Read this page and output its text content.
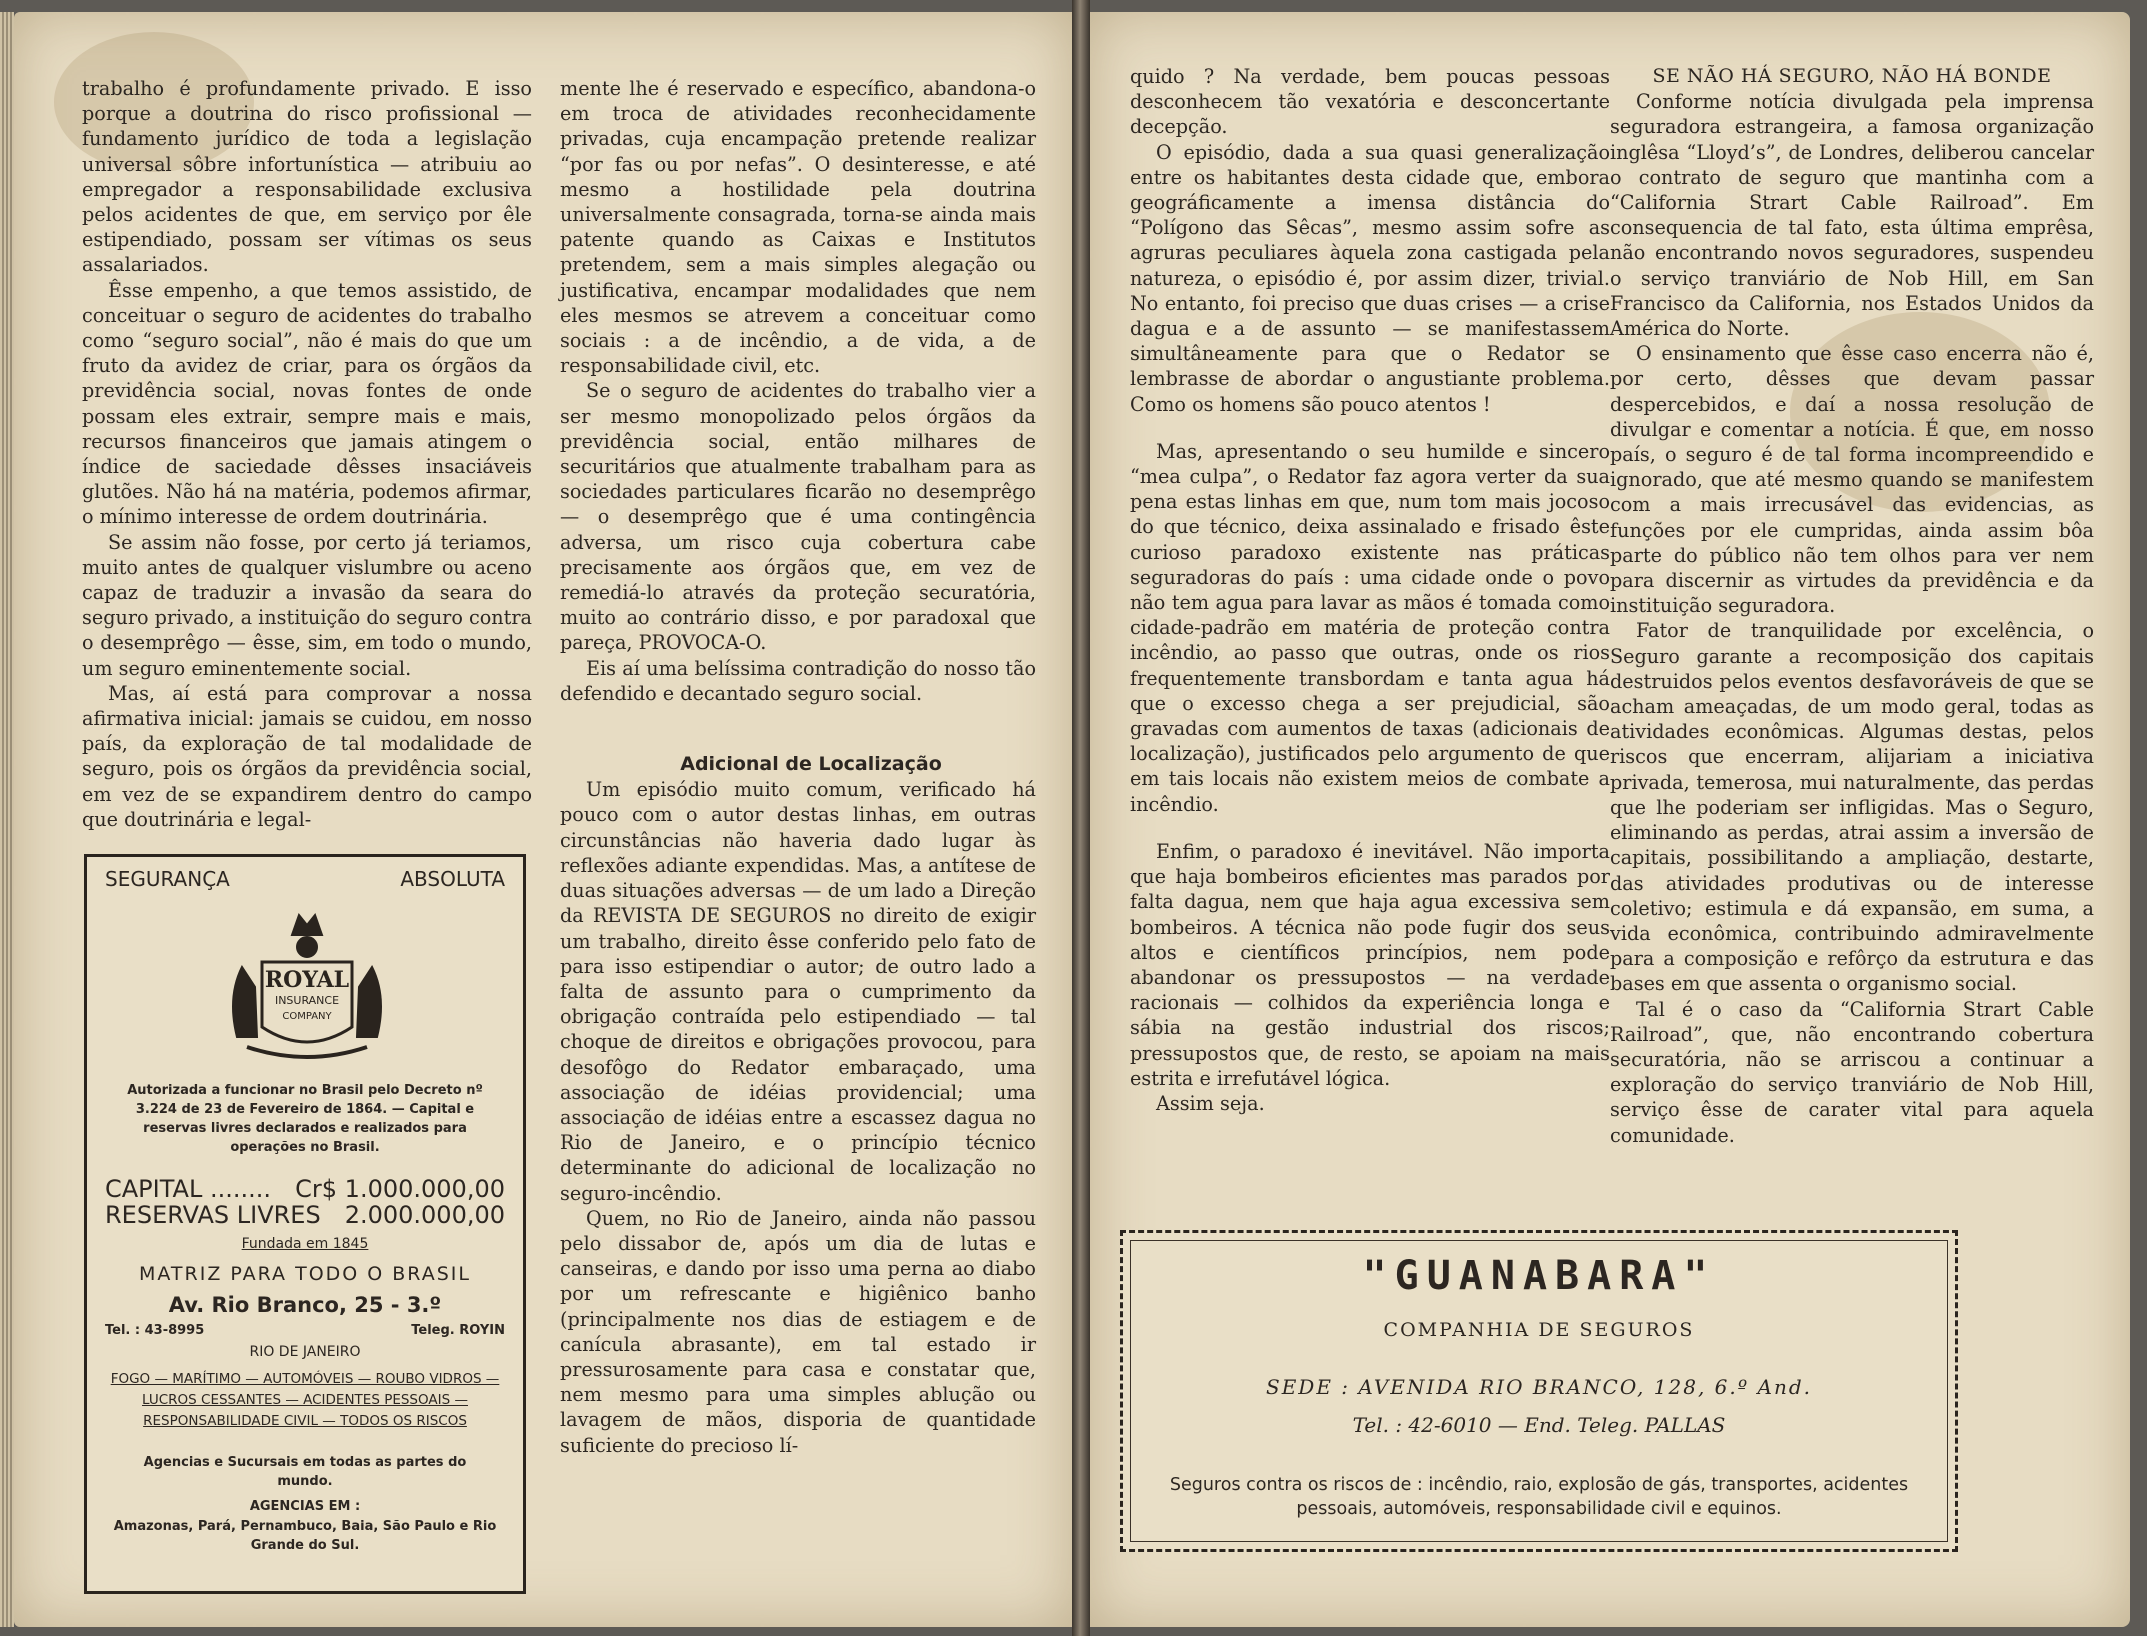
trabalho é profundamente privado. E isso porque a doutrina do risco profissional — fundamento jurídico de toda a legislação universal sôbre infortunística — atribuiu ao empregador a responsabilidade exclusiva pelos acidentes de que, em serviço por êle estipendiado, possam ser vítimas os seus assalariados.

Êsse empenho, a que temos assistido, de conceituar o seguro de acidentes do trabalho como “seguro social”, não é mais do que um fruto da avidez de criar, para os órgãos da previdência social, novas fontes de onde possam eles extrair, sempre mais e mais, recursos financeiros que jamais atingem o índice de saciedade dêsses insaciáveis glutões. Não há na matéria, podemos afirmar, o mínimo interesse de ordem doutrinária.

Se assim não fosse, por certo já teriamos, muito antes de qualquer vislumbre ou aceno capaz de traduzir a invasão da seara do seguro privado, a instituição do seguro contra o desemprêgo — êsse, sim, em todo o mundo, um seguro eminentemente social.

Mas, aí está para comprovar a nossa afirmativa inicial: jamais se cuidou, em nosso país, da exploração de tal modalidade de seguro, pois os órgãos da previdência social, em vez de se expandirem dentro do campo que doutrinária e legal-

SEGURANÇA	ABSOLUTA
ROYAL
INSURANCE
COMPANY
Autorizada a funcionar no Brasil pelo Decreto nº 3.224 de 23 de Fevereiro de 1864. — Capital e reservas livres declarados e realizados para operações no Brasil.
CAPITAL ........ Cr$ 1.000.000,00
RESERVAS LIVRES 2.000.000,00
Fundada em 1845
MATRIZ PARA TODO O BRASIL
Av. Rio Branco, 25 - 3.º
Tel. : 43-8995	Teleg. ROYIN
RIO DE JANEIRO
FOGO — MARÍTIMO — AUTOMÓVEIS — ROUBO VIDROS — LUCROS CESSANTES — ACIDENTES PESSOAIS — RESPONSABILIDADE CIVIL — TODOS OS RISCOS
Agencias e Sucursais em todas as partes do mundo.
AGENCIAS EM :
Amazonas, Pará, Pernambuco, Baia, São Paulo e Rio Grande do Sul.

mente lhe é reservado e específico, abandona-o em troca de atividades reconhecidamente privadas, cuja encampação pretende realizar “por fas ou por nefas”. O desinteresse, e até mesmo a hostilidade pela doutrina universalmente consagrada, torna-se ainda mais patente quando as Caixas e Institutos pretendem, sem a mais simples alegação ou justificativa, encampar modalidades que nem eles mesmos se atrevem a conceituar como sociais : a de incêndio, a de vida, a de responsabilidade civil, etc.

Se o seguro de acidentes do trabalho vier a ser mesmo monopolizado pelos órgãos da previdência social, então milhares de securitários que atualmente trabalham para as sociedades particulares ficarão no desemprêgo — o desemprêgo que é uma contingência adversa, um risco cuja cobertura cabe precisamente aos órgãos que, em vez de remediá-lo através da proteção securatória, muito ao contrário disso, e por paradoxal que pareça, PROVOCA-O.

Eis aí uma belíssima contradição do nosso tão defendido e decantado seguro social.

Adicional de Localização

Um episódio muito comum, verificado há pouco com o autor destas linhas, em outras circunstâncias não haveria dado lugar às reflexões adiante expendidas. Mas, a antítese de duas situações adversas — de um lado a Direção da REVISTA DE SEGUROS no direito de exigir um trabalho, direito êsse conferido pelo fato de para isso estipendiar o autor; de outro lado a falta de assunto para o cumprimento da obrigação contraída pelo estipendiado — tal choque de direitos e obrigações provocou, para desofôgo do Redator embaraçado, uma associação de idéias providencial; uma associação de idéias entre a escassez dagua no Rio de Janeiro, e o princípio técnico determinante do adicional de localização no seguro-incêndio.

Quem, no Rio de Janeiro, ainda não passou pelo dissabor de, após um dia de lutas e canseiras, e dando por isso uma perna ao diabo por um refrescante e higiênico banho (principalmente nos dias de estiagem e de canícula abrasante), em tal estado ir pressurosamente para casa e constatar que, nem mesmo para uma simples ablução ou lavagem de mãos, disporia de quantidade suficiente do precioso lí-

quido ? Na verdade, bem poucas pessoas desconhecem tão vexatória e desconcertante decepção.

O episódio, dada a sua quasi generalização entre os habitantes desta cidade que, embora geográficamente a imensa distância do “Polígono das Sêcas”, mesmo assim sofre as agruras peculiares àquela zona castigada pela natureza, o episódio é, por assim dizer, trivial. No entanto, foi preciso que duas crises — a crise dagua e a de assunto — se manifestassem simultâneamente para que o Redator se lembrasse de abordar o angustiante problema. Como os homens são pouco atentos !

Mas, apresentando o seu humilde e sincero “mea culpa”, o Redator faz agora verter da sua pena estas linhas em que, num tom mais jocoso do que técnico, deixa assinalado e frisado êste curioso paradoxo existente nas práticas seguradoras do país : uma cidade onde o povo não tem agua para lavar as mãos é tomada como cidade-padrão em matéria de proteção contra incêndio, ao passo que outras, onde os rios frequentemente transbordam e tanta agua há que o excesso chega a ser prejudicial, são gravadas com aumentos de taxas (adicionais de localização), justificados pelo argumento de que em tais locais não existem meios de combate a incêndio.

Enfim, o paradoxo é inevitável. Não importa que haja bombeiros eficientes mas parados por falta dagua, nem que haja agua excessiva sem bombeiros. A técnica não pode fugir dos seus altos e científicos princípios, nem pode abandonar os pressupostos — na verdade racionais — colhidos da experiência longa e sábia na gestão industrial dos riscos; pressupostos que, de resto, se apoiam na mais estrita e irrefutável lógica.

Assim seja.

SE NÃO HÁ SEGURO, NÃO HÁ BONDE

Conforme notícia divulgada pela imprensa seguradora estrangeira, a famosa organização inglêsa “Lloyd’s”, de Londres, deliberou cancelar o contrato de seguro que mantinha com a “California Strart Cable Railroad”. Em consequencia de tal fato, esta última emprêsa, não encontrando novos seguradores, suspendeu o serviço tranviário de Nob Hill, em San Francisco da California, nos Estados Unidos da América do Norte.

O ensinamento que êsse caso encerra não é, por certo, dêsses que devam passar despercebidos, e daí a nossa resolução de divulgar e comentar a notícia. É que, em nosso país, o seguro é de tal forma incompreendido e ignorado, que até mesmo quando se manifestem com a mais irrecusável das evidencias, as funções por ele cumpridas, ainda assim bôa parte do público não tem olhos para ver nem para discernir as virtudes da previdência e da instituição seguradora.

Fator de tranquilidade por excelência, o Seguro garante a recomposição dos capitais destruidos pelos eventos desfavoráveis de que se acham ameaçadas, de um modo geral, todas as atividades econômicas. Algumas destas, pelos riscos que encerram, alijariam a iniciativa privada, temerosa, mui naturalmente, das perdas que lhe poderiam ser infligidas. Mas o Seguro, eliminando as perdas, atrai assim a inversão de capitais, possibilitando a ampliação, destarte, das atividades produtivas ou de interesse coletivo; estimula e dá expansão, em suma, a vida econômica, contribuindo admiravelmente para a composição e refôrço da estrutura e das bases em que assenta o organismo social.

Tal é o caso da “California Strart Cable Railroad”, que, não encontrando cobertura securatória, não se arriscou a continuar a exploração do serviço tranviário de Nob Hill, serviço êsse de carater vital para aquela comunidade.

"GUANABARA"
COMPANHIA DE SEGUROS
SEDE : AVENIDA RIO BRANCO, 128, 6.º And.
Tel. : 42-6010 — End. Teleg. PALLAS
Seguros contra os riscos de : incêndio, raio, explosão de gás, transportes, acidentes pessoais, automóveis, responsabilidade civil e equinos.
